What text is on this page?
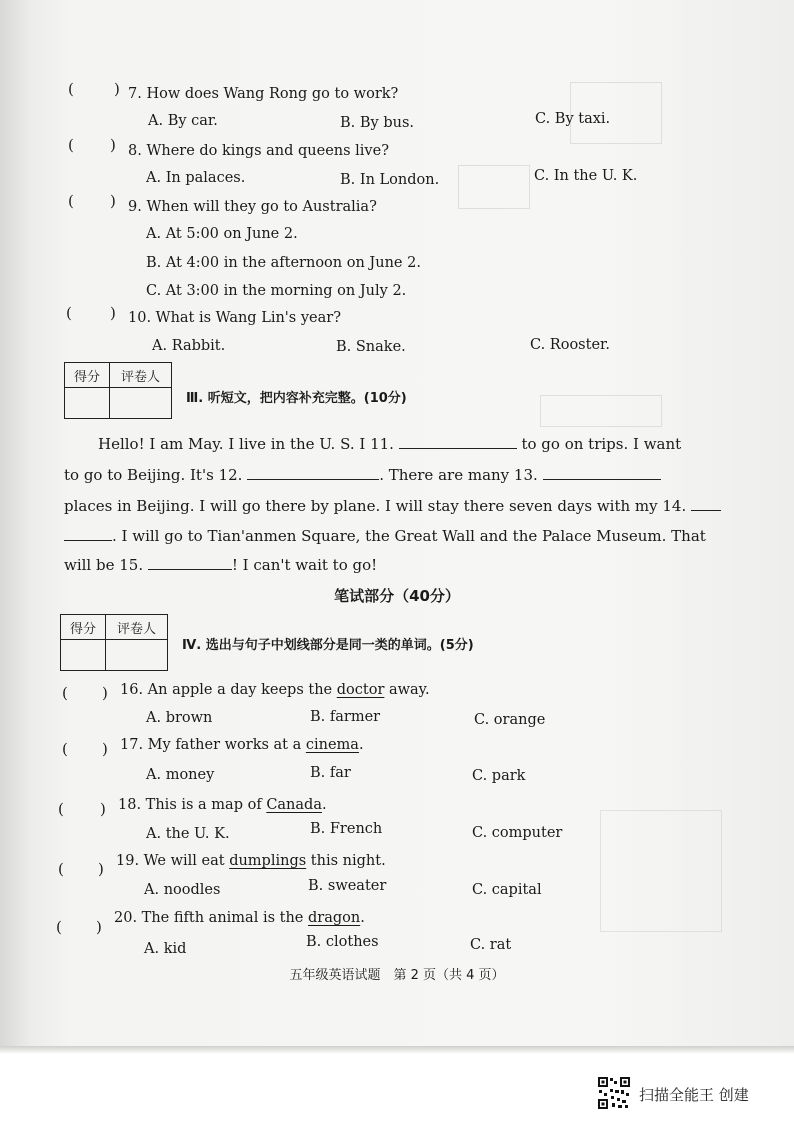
(	) 7. How does Wang Rong go to work?
A. By car.	B. By bus.	C. By taxi.
( ) 8. Where do kings and queens live?
A. In palaces.	B. In London.	C. In the U. K.
( ) 9. When will they go to Australia?
A. At 5:00 on June 2.
B. At 4:00 in the afternoon on June 2.
C. At 3:00 in the morning on July 2.
(	) 10. What is Wang Lin's year?
A. Rabbit.	B. Snake.	C. Rooster.
得分	评卷人

Ⅲ. 听短文，把内容补充完整。(10分)
Hello! I am May. I live in the U. S. I 11.	to go on trips. I want
to go to Beijing. It's 12.	. There are many 13.
places in Beijing. I will go there by plane. I will stay there seven days with my 14.
. I will go to Tian'anmen Square, the Great Wall and the Palace Museum. That
will be 15.	! I can't wait to go!
笔试部分（40分）
得分	评卷人

Ⅳ. 选出与句子中划线部分是同一类的单词。(5分)
( ) 16. An apple a day keeps the doctor away.
A. brown	B. farmer	C. orange
( ) 17. My father works at a cinema.
A. money	B. far	C. park
( ) 18. This is a map of Canada.
A. the U. K.	B. French	C. computer
( ) 19. We will eat dumplings this night.
A. noodles	B. sweater	C. capital
( ) 20. The fifth animal is the dragon.
A. kid	B. clothes	C. rat
五年级英语试题　第 2 页（共 4 页）
扫描全能王 创建
